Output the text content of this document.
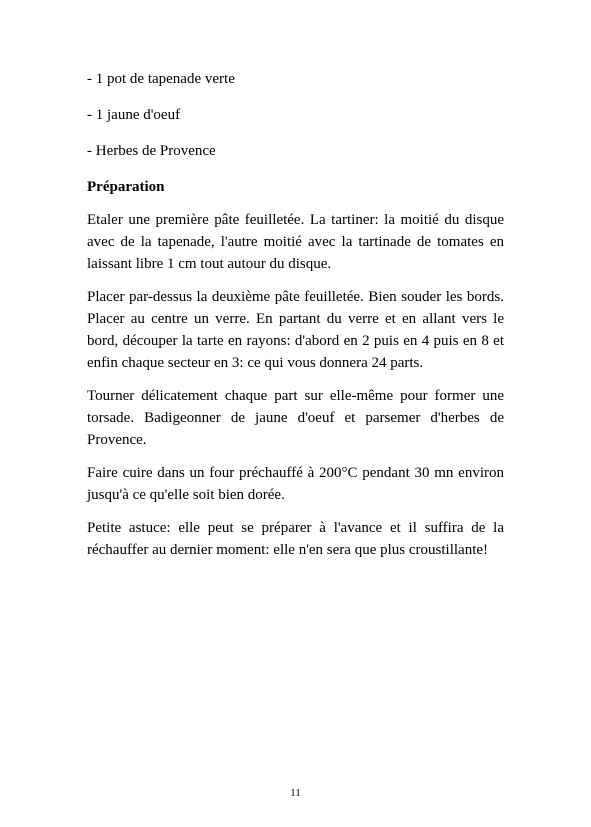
- 1 pot de tapenade verte

- 1 jaune d'oeuf

- Herbes de Provence

Préparation

Etaler une première pâte feuilletée. La tartiner: la moitié du disque avec de la tapenade, l'autre moitié avec la tartinade de tomates en laissant libre 1 cm tout autour du disque.

Placer par-dessus la deuxième pâte feuilletée. Bien souder les bords. Placer au centre un verre. En partant du verre et en allant vers le bord, découper la tarte en rayons: d'abord en 2 puis en 4 puis en 8 et enfin chaque secteur en 3: ce qui vous donnera 24 parts.

Tourner délicatement chaque part sur elle-même pour former une torsade. Badigeonner de jaune d'oeuf et parsemer d'herbes de Provence.

Faire cuire dans un four préchauffé à 200°C pendant 30 mn environ jusqu'à ce qu'elle soit bien dorée.

Petite astuce: elle peut se préparer à l'avance et il suffira de la réchauffer au dernier moment: elle n'en sera que plus croustillante!

11
